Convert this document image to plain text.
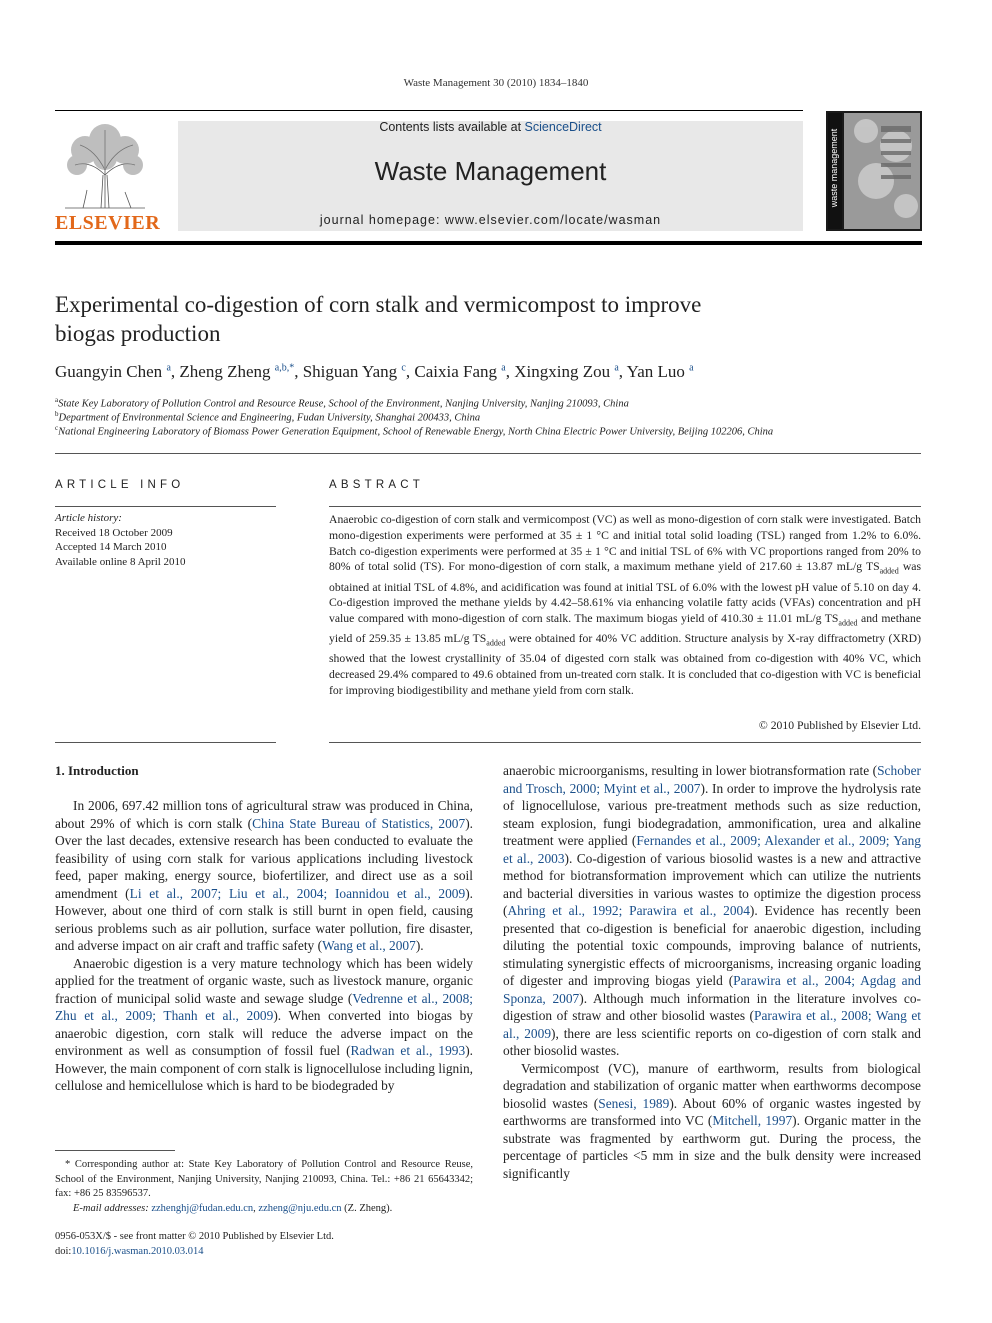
Waste Management 30 (2010) 1834–1840
ELSEVIER
Contents lists available at ScienceDirect
Waste Management
journal homepage: www.elsevier.com/locate/wasman
waste management
Experimental co-digestion of corn stalk and vermicompost to improve
biogas production
Guangyin Chen $^a$, Zheng Zheng $^{a,b,*}$, Shiguan Yang $^c$, Caixia Fang $^a$, Xingxing Zou $^a$, Yan Luo $^a$
$^a$State Key Laboratory of Pollution Control and Resource Reuse, School of the Environment, Nanjing University, Nanjing 210093, China
$^b$Department of Environmental Science and Engineering, Fudan University, Shanghai 200433, China
$^c$National Engineering Laboratory of Biomass Power Generation Equipment, School of Renewable Energy, North China Electric Power University, Beijing 102206, China
ARTICLE INFO
Article history:
Received 18 October 2009
Accepted 14 March 2010
Available online 8 April 2010
ABSTRACT
Anaerobic co-digestion of corn stalk and vermicompost (VC) as well as mono-digestion of corn stalk were investigated. Batch mono-digestion experiments were performed at 35 ± 1 °C and initial total solid loading (TSL) ranged from 1.2% to 6.0%. Batch co-digestion experiments were performed at 35 ± 1 °C and initial TSL of 6% with VC proportions ranged from 20% to 80% of total solid (TS). For mono-digestion of corn stalk, a maximum methane yield of 217.60 ± 13.87 mL/g $TS_{added}$ was obtained at initial TSL of 4.8%, and acidification was found at initial TSL of 6.0% with the lowest pH value of 5.10 on day 4. Co-digestion improved the methane yields by 4.42–58.61% via enhancing volatile fatty acids (VFAs) concentration and pH value compared with mono-digestion of corn stalk. The maximum biogas yield of 410.30 ± 11.01 mL/g $TS_{added}$ and methane yield of 259.35 ± 13.85 mL/g $TS_{added}$ were obtained for 40% VC addition. Structure analysis by X-ray diffractometry (XRD) showed that the lowest crystallinity of 35.04 of digested corn stalk was obtained from co-digestion with 40% VC, which decreased 29.4% compared to 49.6 obtained from un-treated corn stalk. It is concluded that co-digestion with VC is beneficial for improving biodigestibility and methane yield from corn stalk.
© 2010 Published by Elsevier Ltd.
1. Introduction

In 2006, 697.42 million tons of agricultural straw was produced in China, about 29% of which is corn stalk (China State Bureau of Statistics, 2007). Over the last decades, extensive research has been conducted to evaluate the feasibility of using corn stalk for various applications including livestock feed, paper making, energy source, biofertilizer, and direct use as a soil amendment (Li et al., 2007; Liu et al., 2004; Ioannidou et al., 2009). However, about one third of corn stalk is still burnt in open field, causing serious problems such as air pollution, surface water pollution, fire disaster, and adverse impact on air craft and traffic safety (Wang et al., 2007).

Anaerobic digestion is a very mature technology which has been widely applied for the treatment of organic waste, such as livestock manure, organic fraction of municipal solid waste and sewage sludge (Vedrenne et al., 2008; Zhu et al., 2009; Thanh et al., 2009). When converted into biogas by anaerobic digestion, corn stalk will reduce the adverse impact on the environment as well as consumption of fossil fuel (Radwan et al., 1993). However, the main component of corn stalk is lignocellulose including lignin, cellulose and hemicellulose which is hard to be biodegraded by

anaerobic microorganisms, resulting in lower biotransformation rate (Schober and Trosch, 2000; Myint et al., 2007). In order to improve the hydrolysis rate of lignocellulose, various pre-treatment methods such as size reduction, steam explosion, fungi biodegradation, ammonification, urea and alkaline treatment were applied (Fernandes et al., 2009; Alexander et al., 2009; Yang et al., 2003). Co-digestion of various biosolid wastes is a new and attractive method for biotransformation improvement which can utilize the nutrients and bacterial diversities in various wastes to optimize the digestion process (Ahring et al., 1992; Parawira et al., 2004). Evidence has recently been presented that co-digestion is beneficial for anaerobic digestion, including diluting the potential toxic compounds, improving balance of nutrients, stimulating synergistic effects of microorganisms, increasing organic loading of digester and improving biogas yield (Parawira et al., 2004; Agdag and Sponza, 2007). Although much information in the literature involves co-digestion of straw and other biosolid wastes (Parawira et al., 2008; Wang et al., 2009), there are less scientific reports on co-digestion of corn stalk and other biosolid wastes.

Vermicompost (VC), manure of earthworm, results from biological degradation and stabilization of organic matter when earthworms decompose biosolid wastes (Senesi, 1989). About 60% of organic wastes ingested by earthworms are transformed into VC (Mitchell, 1997). Organic matter in the substrate was fragmented by earthworm gut. During the process, the percentage of particles <5 mm in size and the bulk density were increased significantly

* Corresponding author at: State Key Laboratory of Pollution Control and Resource Reuse, School of the Environment, Nanjing University, Nanjing 210093, China. Tel.: +86 21 65643342; fax: +86 25 83596537.
E-mail addresses: zzhenghj@fudan.edu.cn, zzheng@nju.edu.cn (Z. Zheng).
0956-053X/$ - see front matter © 2010 Published by Elsevier Ltd.
doi:10.1016/j.wasman.2010.03.014
